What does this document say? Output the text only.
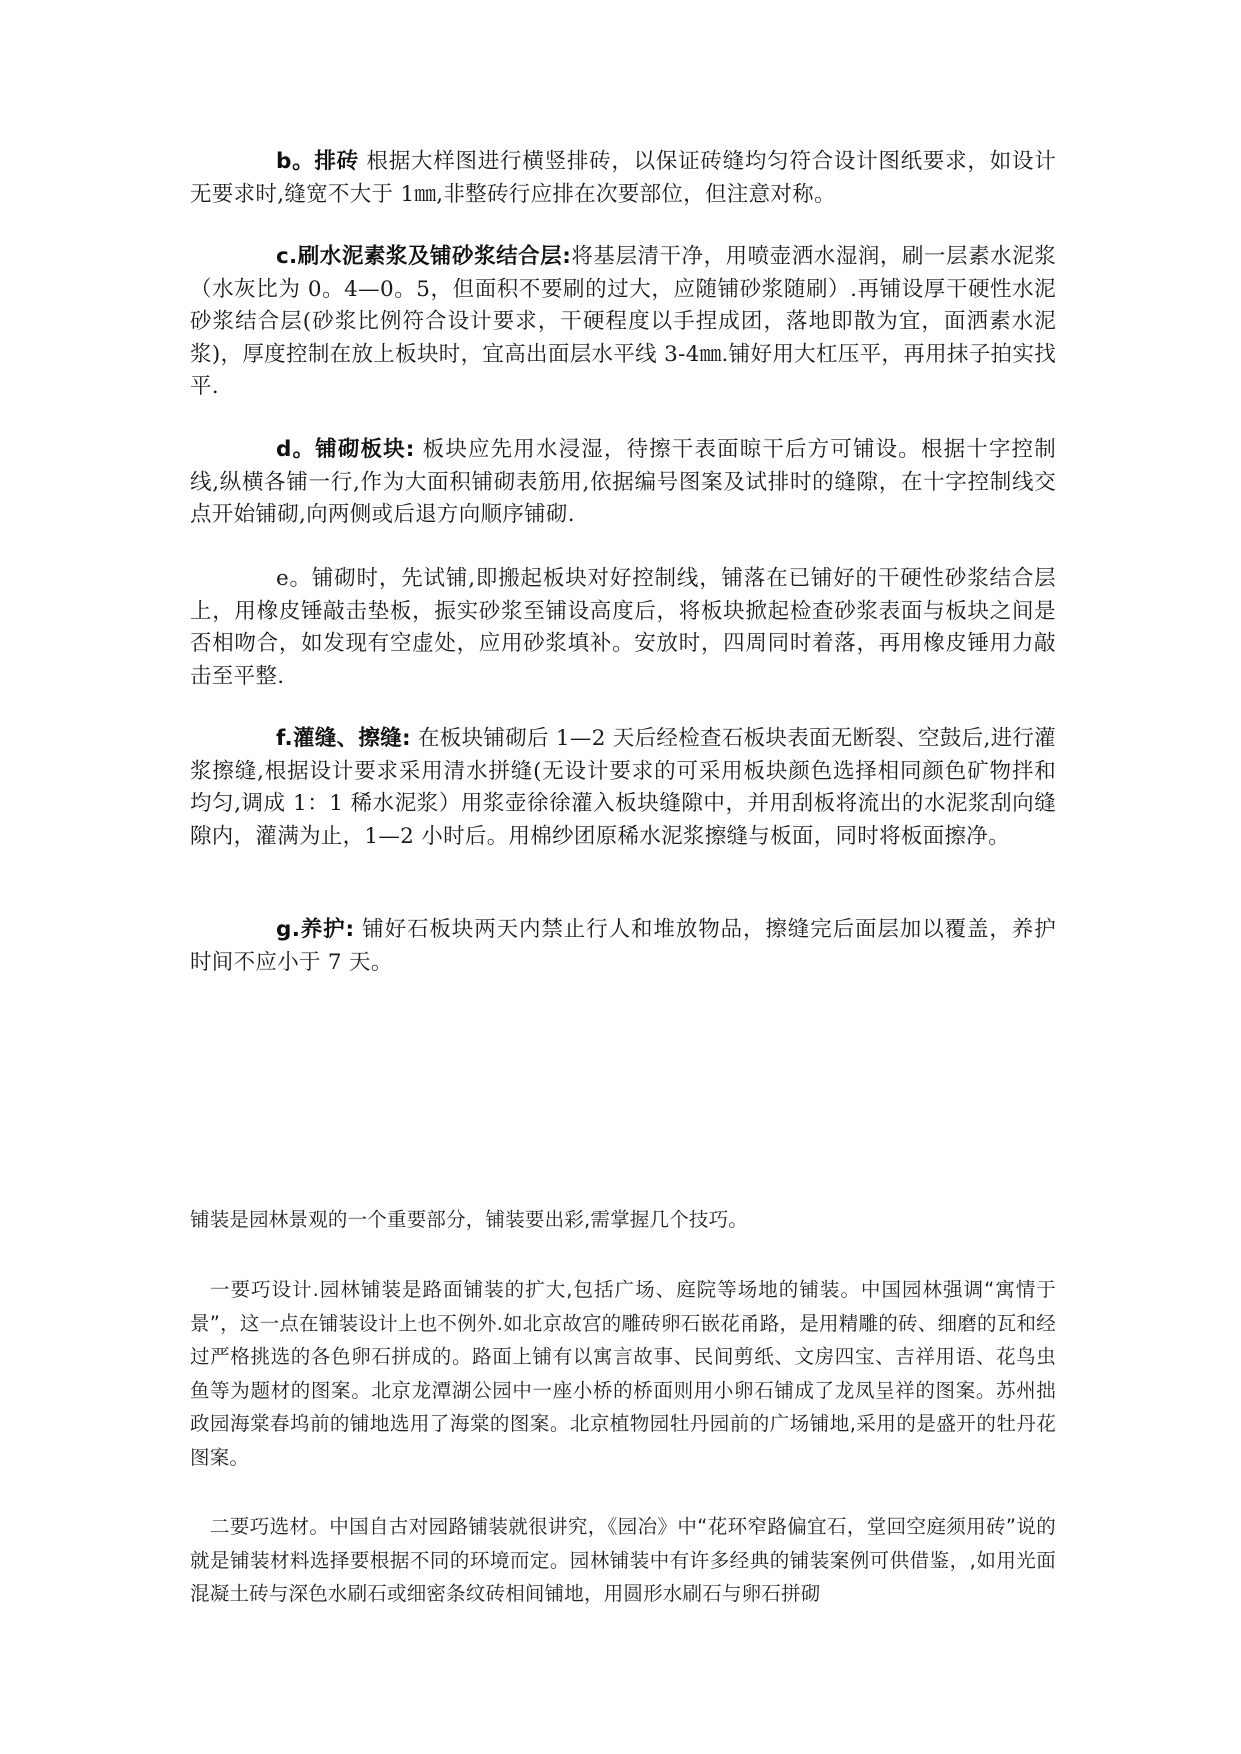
b。排砖 根据大样图进行横竖排砖，以保证砖缝均匀符合设计图纸要求，如设计无要求时,缝宽不大于 1㎜,非整砖行应排在次要部位，但注意对称。

c.刷水泥素浆及铺砂浆结合层:将基层清干净，用喷壶洒水湿润，刷一层素水泥浆（水灰比为 0。4—0。5，但面积不要刷的过大，应随铺砂浆随刷）.再铺设厚干硬性水泥砂浆结合层(砂浆比例符合设计要求，干硬程度以手捏成团，落地即散为宜，面洒素水泥浆)，厚度控制在放上板块时，宜高出面层水平线 3-4㎜.铺好用大杠压平，再用抹子拍实找平.

d。铺砌板块: 板块应先用水浸湿，待擦干表面晾干后方可铺设。根据十字控制线,纵横各铺一行,作为大面积铺砌表筋用,依据编号图案及试排时的缝隙，在十字控制线交点开始铺砌,向两侧或后退方向顺序铺砌.

e。铺砌时，先试铺,即搬起板块对好控制线，铺落在已铺好的干硬性砂浆结合层上，用橡皮锤敲击垫板，振实砂浆至铺设高度后，将板块掀起检查砂浆表面与板块之间是否相吻合，如发现有空虚处，应用砂浆填补。安放时，四周同时着落，再用橡皮锤用力敲击至平整.

f.灌缝、擦缝: 在板块铺砌后 1—2 天后经检查石板块表面无断裂、空鼓后,进行灌浆擦缝,根据设计要求采用清水拼缝(无设计要求的可采用板块颜色选择相同颜色矿物拌和均匀,调成 1：1 稀水泥浆）用浆壶徐徐灌入板块缝隙中，并用刮板将流出的水泥浆刮向缝隙内，灌满为止，1—2 小时后。用棉纱团原稀水泥浆擦缝与板面，同时将板面擦净。

g.养护: 铺好石板块两天内禁止行人和堆放物品，擦缝完后面层加以覆盖，养护时间不应小于 7 天。

铺装是园林景观的一个重要部分，铺装要出彩,需掌握几个技巧。

一要巧设计.园林铺装是路面铺装的扩大,包括广场、庭院等场地的铺装。中国园林强调“寓情于景”，这一点在铺装设计上也不例外.如北京故宫的雕砖卵石嵌花甬路，是用精雕的砖、细磨的瓦和经过严格挑选的各色卵石拼成的。路面上铺有以寓言故事、民间剪纸、文房四宝、吉祥用语、花鸟虫鱼等为题材的图案。北京龙潭湖公园中一座小桥的桥面则用小卵石铺成了龙凤呈祥的图案。苏州拙政园海棠春坞前的铺地选用了海棠的图案。北京植物园牡丹园前的广场铺地,采用的是盛开的牡丹花图案。

二要巧选材。中国自古对园路铺装就很讲究，《园冶》中“花环窄路偏宜石，堂回空庭须用砖”说的就是铺装材料选择要根据不同的环境而定。园林铺装中有许多经典的铺装案例可供借鉴，,如用光面混凝土砖与深色水刷石或细密条纹砖相间铺地，用圆形水刷石与卵石拼砌
